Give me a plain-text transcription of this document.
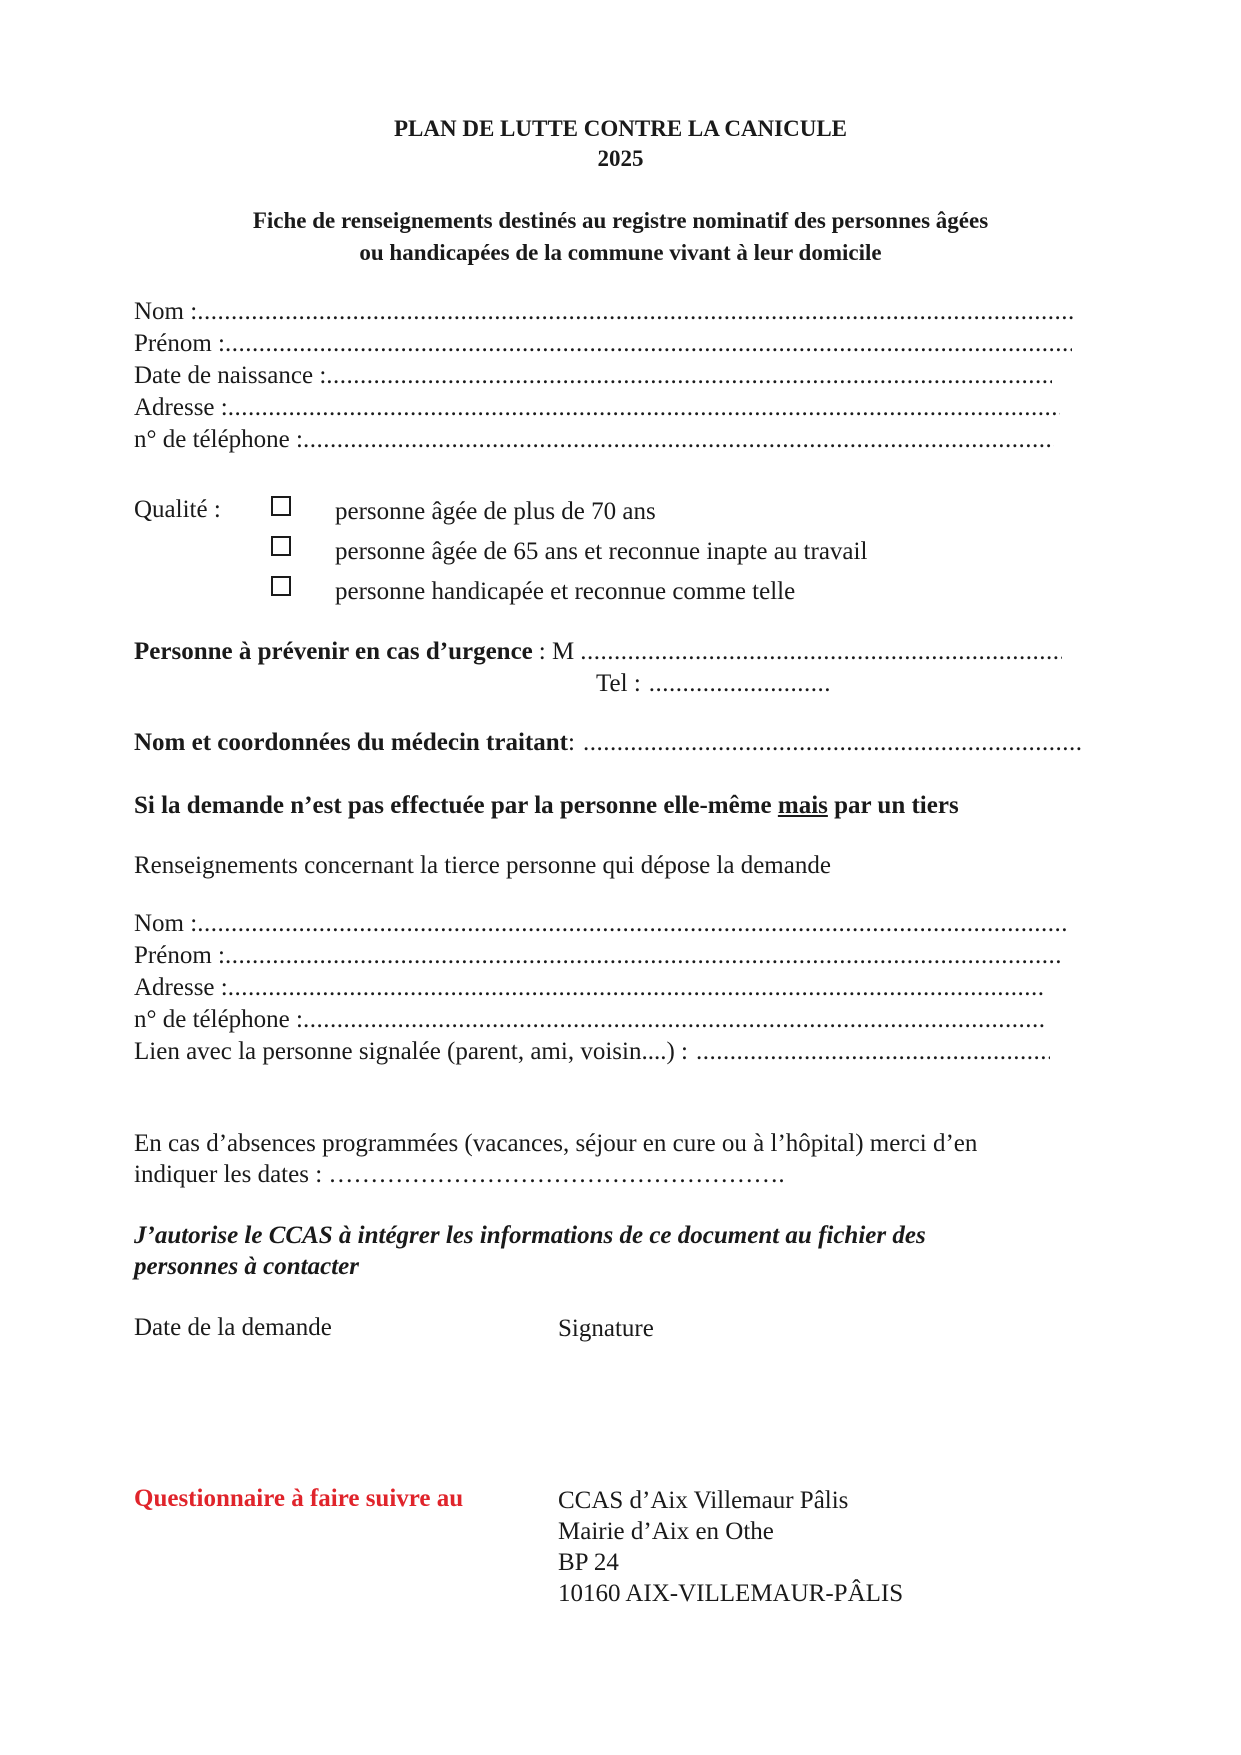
PLAN DE LUTTE CONTRE LA CANICULE
2025
Fiche de renseignements destinés au registre nominatif des personnes âgées
ou handicapées de la commune vivant à leur domicile
Nom :
.....
Prénom :
.....
Date de naissance :
.....
Adresse :
.....
n° de téléphone :
.....
Qualité :	personne âgée de plus de 70 ans
personne âgée de 65 ans et reconnue inapte au travail
personne handicapée et reconnue comme telle
Personne à prévenir en cas d’urgence : M
.....
Tel : ...........................
Nom et coordonnées du médecin traitant :
.....
Si la demande n’est pas effectuée par la personne elle-même mais par un tiers
Renseignements concernant la tierce personne qui dépose la demande
Nom :
.....
Prénom :
.....
Adresse :
.....
n° de téléphone :
.....
Lien avec la personne signalée (parent, ami, voisin....) :
.....
En cas d’absences programmées (vacances, séjour en cure ou à l’hôpital) merci d’en
indiquer les dates : ……………………………………………….
J’autorise le CCAS à intégrer les informations de ce document au fichier des
personnes à contacter
Date de la demande	Signature
Questionnaire à faire suivre au	CCAS d’Aix Villemaur Pâlis
Mairie d’Aix en Othe
BP 24
10160 AIX-VILLEMAUR-PÂLIS
